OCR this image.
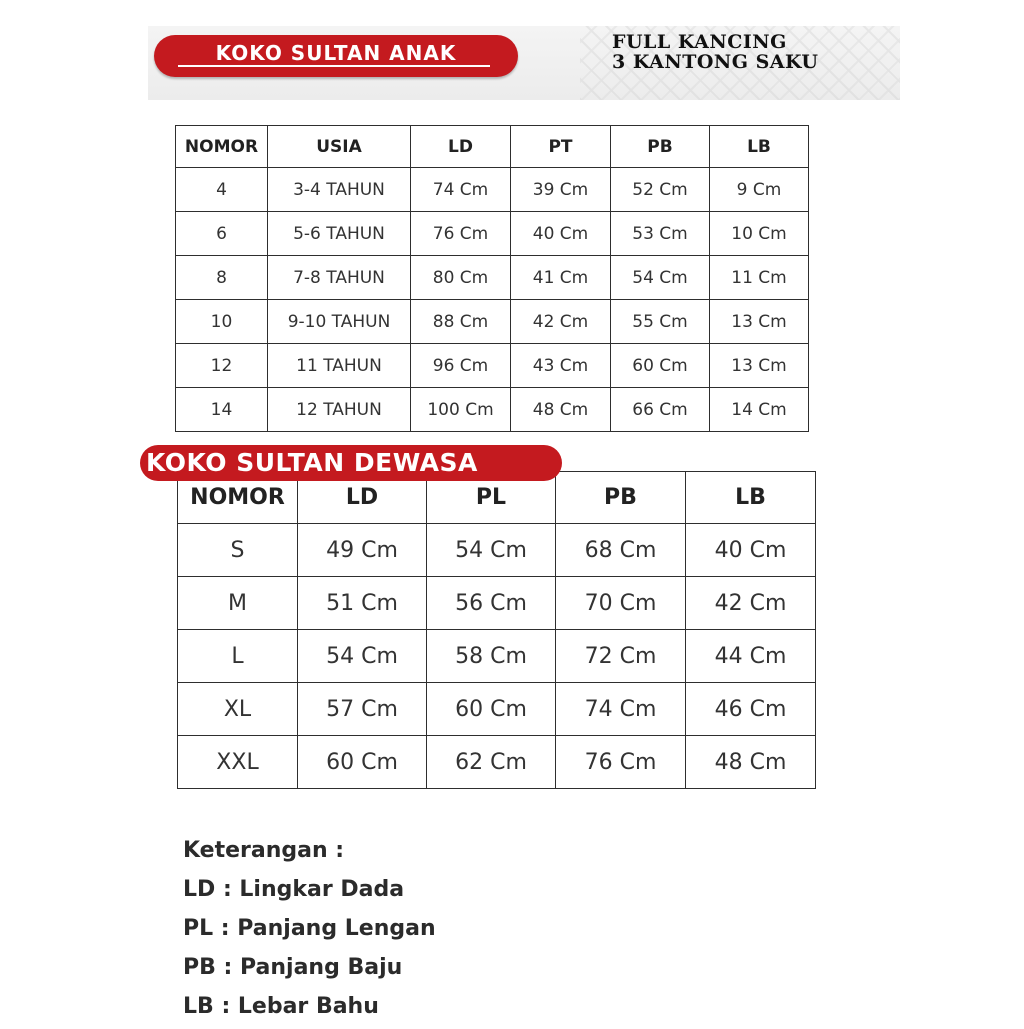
KOKO SULTAN ANAK	FULL KANCING
3 KANTONG SAKU
NOMOR	USIA	LD	PT	PB	LB
4	3-4 TAHUN	74 Cm	39 Cm	52 Cm	9 Cm
6	5-6 TAHUN	76 Cm	40 Cm	53 Cm	10 Cm
8	7-8 TAHUN	80 Cm	41 Cm	54 Cm	11 Cm
10	9-10 TAHUN	88 Cm	42 Cm	55 Cm	13 Cm
12	11 TAHUN	96 Cm	43 Cm	60 Cm	13 Cm
14	12 TAHUN	100 Cm	48 Cm	66 Cm	14 Cm
NOMOR	LD	PL	PB	LB
S	49 Cm	54 Cm	68 Cm	40 Cm
M	51 Cm	56 Cm	70 Cm	42 Cm
L	54 Cm	58 Cm	72 Cm	44 Cm
XL	57 Cm	60 Cm	74 Cm	46 Cm
XXL	60 Cm	62 Cm	76 Cm	48 Cm
KOKO SULTAN DEWASA
Keterangan :
LD : Lingkar Dada
PL : Panjang Lengan
PB : Panjang Baju
LB : Lebar Bahu
